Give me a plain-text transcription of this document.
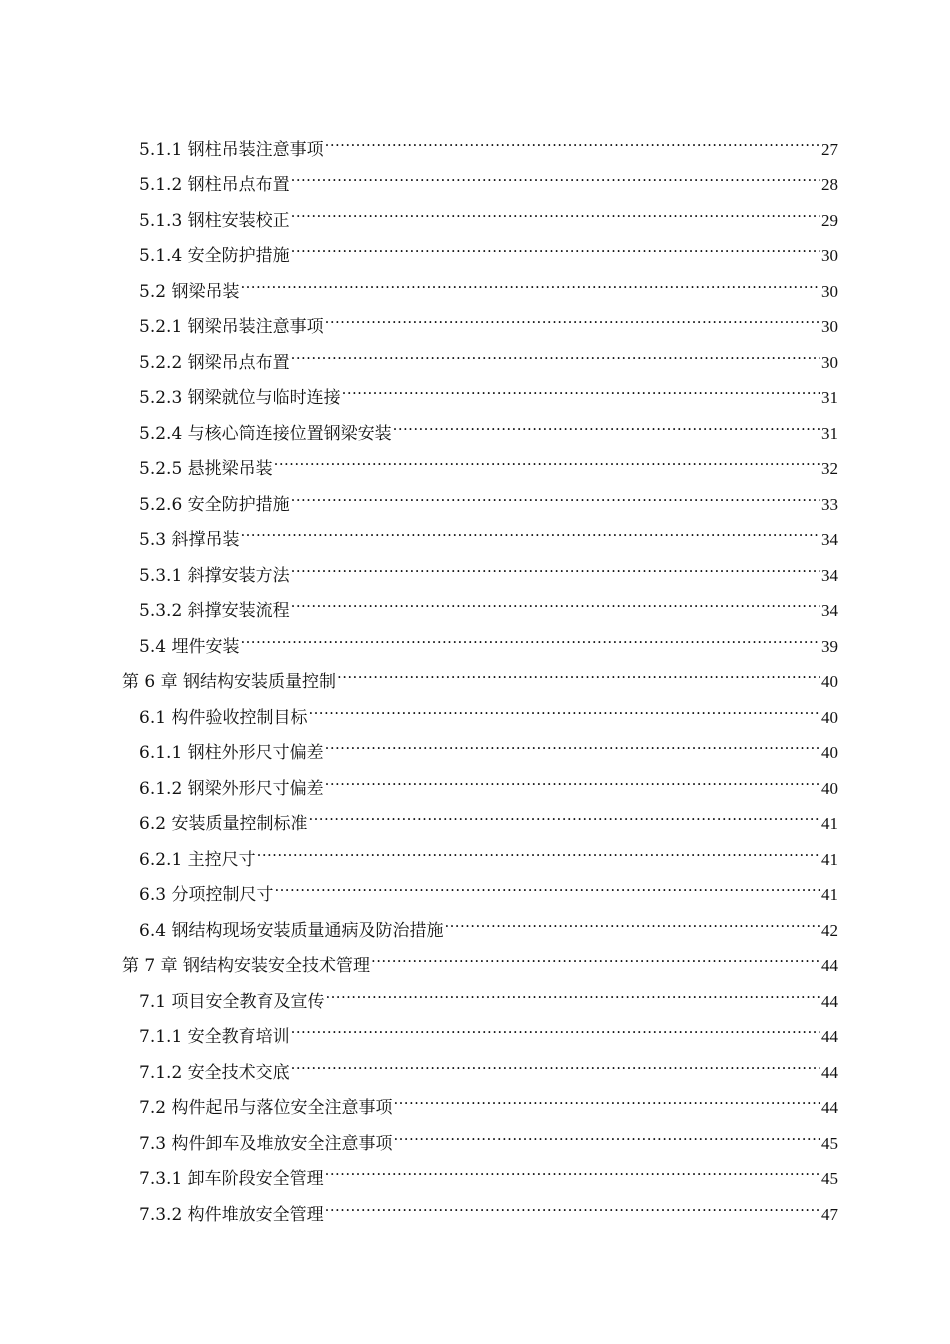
5.1.1 钢柱吊装注意事项 .....	27
5.1.2 钢柱吊点布置 .....	28
5.1.3 钢柱安装校正 .....	29
5.1.4 安全防护措施 .....	30
5.2 钢梁吊装 .....	30
5.2.1 钢梁吊装注意事项 .....	30
5.2.2 钢梁吊点布置 .....	30
5.2.3 钢梁就位与临时连接 .....	31
5.2.4 与核心筒连接位置钢梁安装 .....	31
5.2.5 悬挑梁吊装 .....	32
5.2.6 安全防护措施 .....	33
5.3 斜撑吊装 .....	34
5.3.1 斜撑安装方法 .....	34
5.3.2 斜撑安装流程 .....	34
5.4 埋件安装 .....	39
第 6 章 钢结构安装质量控制 .....	40
6.1 构件验收控制目标 .....	40
6.1.1 钢柱外形尺寸偏差 .....	40
6.1.2 钢梁外形尺寸偏差 .....	40
6.2 安装质量控制标准 .....	41
6.2.1 主控尺寸 .....	41
6.3 分项控制尺寸 .....	41
6.4 钢结构现场安装质量通病及防治措施 .....	42
第 7 章 钢结构安装安全技术管理 .....	44
7.1 项目安全教育及宣传 .....	44
7.1.1 安全教育培训 .....	44
7.1.2 安全技术交底 .....	44
7.2 构件起吊与落位安全注意事项 .....	44
7.3 构件卸车及堆放安全注意事项 .....	45
7.3.1 卸车阶段安全管理 .....	45
7.3.2 构件堆放安全管理 .....	47
